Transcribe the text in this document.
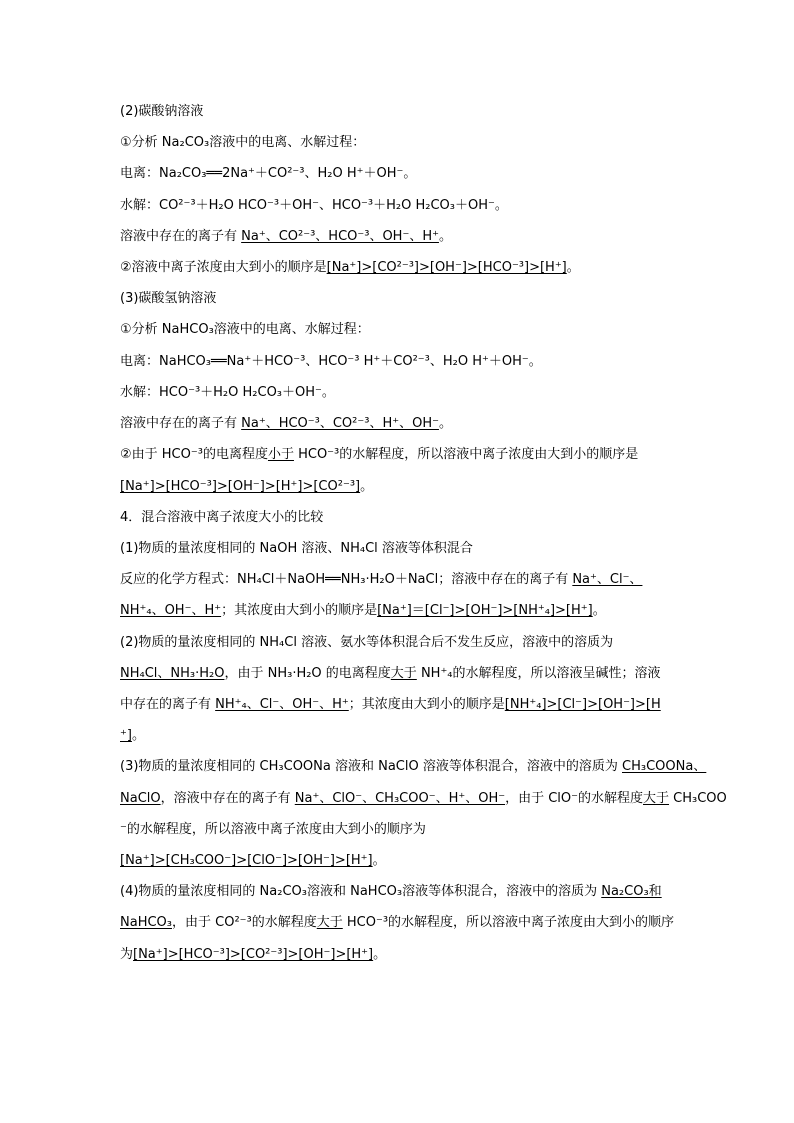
(2)碳酸钠溶液
①分析 Na₂CO₃溶液中的电离、水解过程：
电离：Na₂CO₃══2Na⁺＋CO²⁻³、H₂O H⁺＋OH⁻。
水解：CO²⁻³＋H₂O HCO⁻³＋OH⁻、HCO⁻³＋H₂O H₂CO₃＋OH⁻。
溶液中存在的离子有 Na⁺、CO²⁻³、HCO⁻³、OH⁻、H⁺。
②溶液中离子浓度由大到小的顺序是[Na⁺]>[CO²⁻³]>[OH⁻]>[HCO⁻³]>[H⁺]。
(3)碳酸氢钠溶液
①分析 NaHCO₃溶液中的电离、水解过程：
电离：NaHCO₃══Na⁺＋HCO⁻³、HCO⁻³ H⁺＋CO²⁻³、H₂O H⁺＋OH⁻。
水解：HCO⁻³＋H₂O H₂CO₃＋OH⁻。
溶液中存在的离子有 Na⁺、HCO⁻³、CO²⁻³、H⁺、OH⁻。
②由于 HCO⁻³的电离程度小于 HCO⁻³的水解程度，所以溶液中离子浓度由大到小的顺序是
[Na⁺]>[HCO⁻³]>[OH⁻]>[H⁺]>[CO²⁻³]。
4．混合溶液中离子浓度大小的比较
(1)物质的量浓度相同的 NaOH 溶液、NH₄Cl 溶液等体积混合
反应的化学方程式：NH₄Cl＋NaOH══NH₃·H₂O＋NaCl；溶液中存在的离子有 Na⁺、Cl⁻、
NH⁺₄、OH⁻、H⁺；其浓度由大到小的顺序是[Na⁺]＝[Cl⁻]>[OH⁻]>[NH⁺₄]>[H⁺]。
(2)物质的量浓度相同的 NH₄Cl 溶液、氨水等体积混合后不发生反应，溶液中的溶质为
NH₄Cl、NH₃·H₂O，由于 NH₃·H₂O 的电离程度大于 NH⁺₄的水解程度，所以溶液呈碱性；溶液
中存在的离子有 NH⁺₄、Cl⁻、OH⁻、H⁺；其浓度由大到小的顺序是[NH⁺₄]>[Cl⁻]>[OH⁻]>[H
⁺]。
(3)物质的量浓度相同的 CH₃COONa 溶液和 NaClO 溶液等体积混合，溶液中的溶质为 CH₃COONa、
NaClO，溶液中存在的离子有 Na⁺、ClO⁻、CH₃COO⁻、H⁺、OH⁻，由于 ClO⁻的水解程度大于 CH₃COO
⁻的水解程度，所以溶液中离子浓度由大到小的顺序为
[Na⁺]>[CH₃COO⁻]>[ClO⁻]>[OH⁻]>[H⁺]。
(4)物质的量浓度相同的 Na₂CO₃溶液和 NaHCO₃溶液等体积混合，溶液中的溶质为 Na₂CO₃和
NaHCO₃，由于 CO²⁻³的水解程度大于 HCO⁻³的水解程度，所以溶液中离子浓度由大到小的顺序
为[Na⁺]>[HCO⁻³]>[CO²⁻³]>[OH⁻]>[H⁺]。
